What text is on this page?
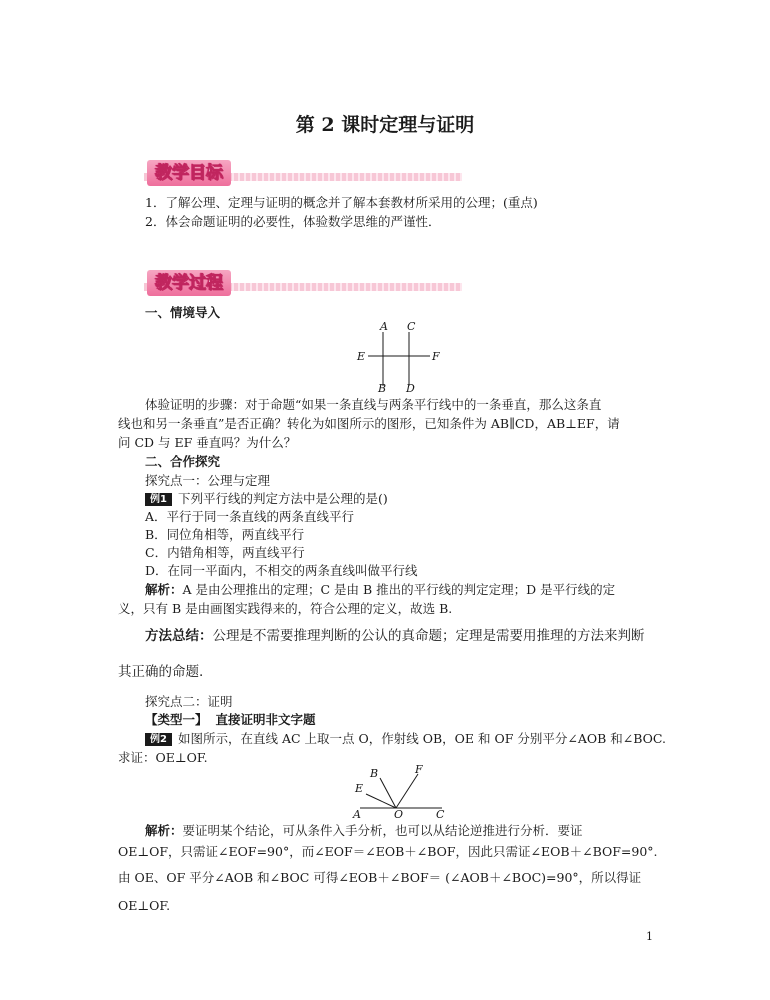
第 2 课时定理与证明
教学目标
1．了解公理、定理与证明的概念并了解本套教材所采用的公理；(重点)
2．体会命题证明的必要性，体验数学思维的严谨性．
教学过程
一、情境导入
A C
E	F
B D
体验证明的步骤：对于命题“如果一条直线与两条平行线中的一条垂直，那么这条直
线也和另一条垂直”是否正确？转化为如图所示的图形，已知条件为 AB∥CD，AB⊥EF，请
问 CD 与 EF 垂直吗？为什么？
二、合作探究
探究点一：公理与定理
例1 下列平行线的判定方法中是公理的是()
A．平行于同一条直线的两条直线平行
B．同位角相等，两直线平行
C．内错角相等，两直线平行
D．在同一平面内，不相交的两条直线叫做平行线
解析：A 是由公理推出的定理；C 是由 B 推出的平行线的判定定理；D 是平行线的定
义，只有 B 是由画图实践得来的，符合公理的定义，故选 B.
方法总结：公理是不需要推理判断的公认的真命题；定理是需要用推理的方法来判断
其正确的命题.
探究点二：证明
【类型一】 直接证明非文字题
例2 如图所示，在直线 AC 上取一点 O，作射线 OB，OE 和 OF 分别平分∠AOB 和∠BOC.
求证：OE⊥OF.
B	F
E
A	O	C
解析：要证明某个结论，可从条件入手分析，也可以从结论逆推进行分析．要证
OE⊥OF，只需证∠EOF=90°，而∠EOF＝∠EOB＋∠BOF，因此只需证∠EOB＋∠BOF=90°.
由 OE、OF 平分∠AOB 和∠BOC 可得∠EOB＋∠BOF＝ (∠AOB＋∠BOC)=90°，所以得证
OE⊥OF.
1
